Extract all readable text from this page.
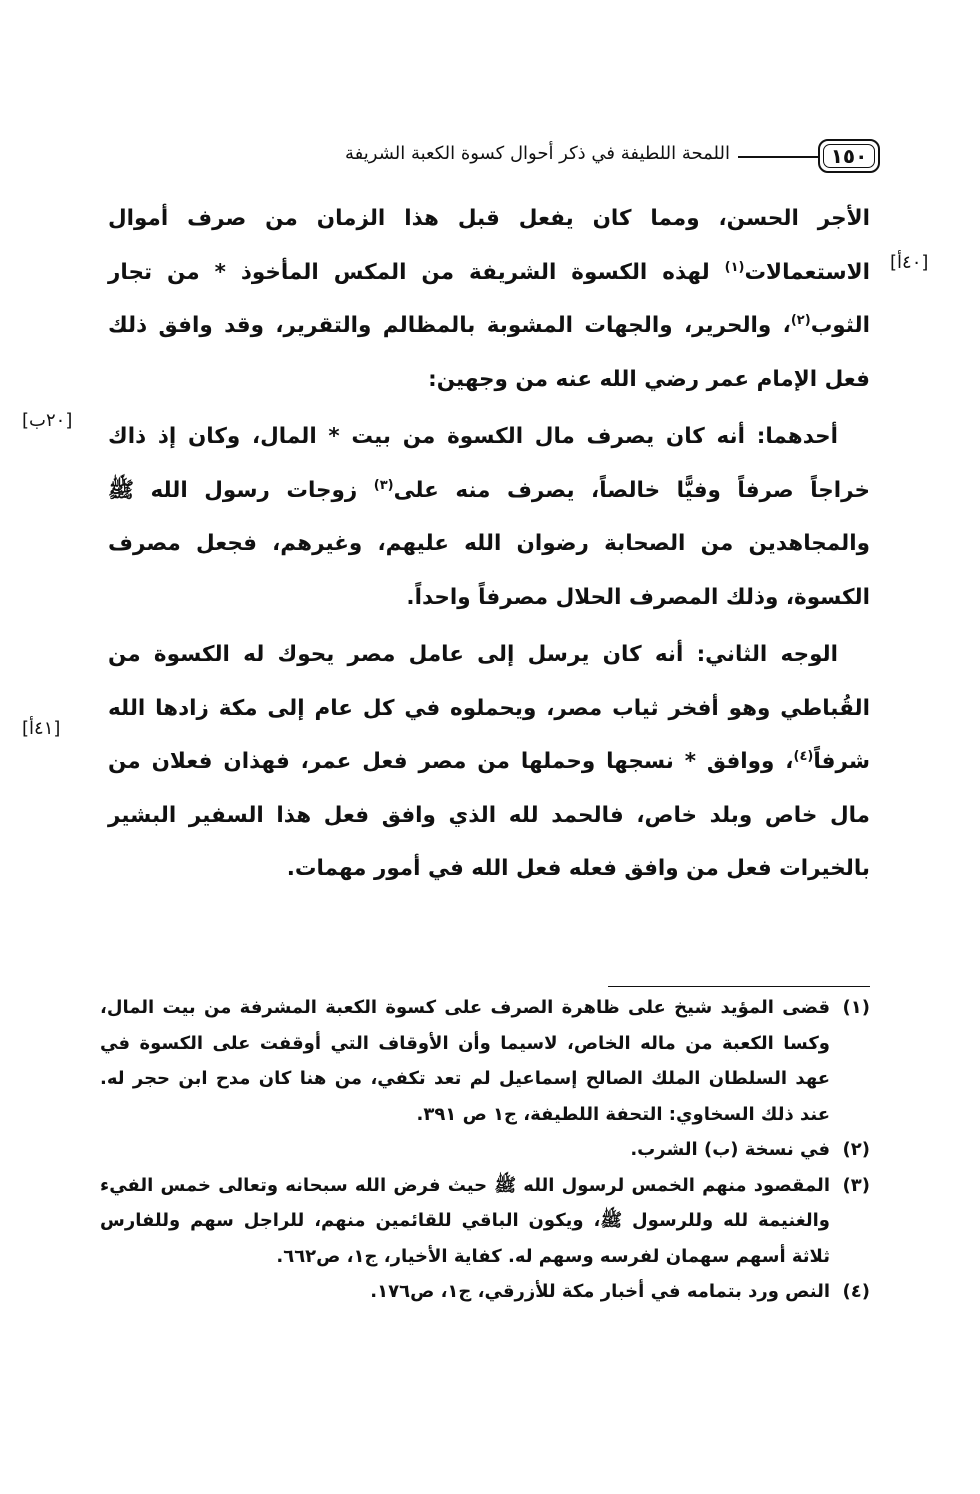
١٥٠
اللمحة اللطيفة في ذكر أحوال كسوة الكعبة الشريفة
[٤٠أ]
[٢٠ب]
[٤١أ]

الأجر الحسن، ومما كان يفعل قبل هذا الزمان من صرف أموال الاستعمالات$^{(١)}$ لهذه الكسوة الشريفة من المكس المأخوذ * من تجار الثوب$^{(٢)}$، والحرير، والجهات المشوبة بالمظالم والتقرير، وقد وافق ذلك فعل الإمام عمر رضي الله عنه من وجهين:

أحدهما: أنه كان يصرف مال الكسوة من بيت * المال، وكان إذ ذاك خراجاً صرفاً وفيًّا خالصاً، يصرف منه على$^{(٣)}$ زوجات رسول الله ﷺ والمجاهدين من الصحابة رضوان الله عليهم، وغيرهم، فجعل مصرف الكسوة، وذلك المصرف الحلال مصرفاً واحداً.

الوجه الثاني: أنه كان يرسل إلى عامل مصر يحوك له الكسوة من القُباطي وهو أفخر ثياب مصر، ويحملوه في كل عام إلى مكة زادها الله شرفاً$^{(٤)}$، ووافق * نسجها وحملها من مصر فعل عمر، فهذان فعلان من مال خاص وبلد خاص، فالحمد لله الذي وافق فعل هذا السفير البشير بالخيرات فعل من وافق فعله فعل الله في أمور مهمات.

(١)
قضى المؤيد شيخ على ظاهرة الصرف على كسوة الكعبة المشرفة من بيت المال، وكسا الكعبة من ماله الخاص، لاسيما وأن الأوقاف التي أوقفت على الكسوة في عهد السلطان الملك الصالح إسماعيل لم تعد تكفي، من هنا كان مدح ابن حجر له. عند ذلك السخاوي: التحفة اللطيفة، ج١ ص ٣٩١.

(٢)
في نسخة (ب) الشرب.

(٣)
المقصود منهم الخمس لرسول الله ﷺ حيث فرض الله سبحانه وتعالى خمس الفيء والغنيمة لله وللرسول ﷺ، ويكون الباقي للقائمين منهم، للراجل سهم وللفارس ثلاثة أسهم سهمان لفرسه وسهم له. كفاية الأخيار، ج١، ص٦٦٢.

(٤)
النص ورد بتمامه في أخبار مكة للأزرقي، ج١، ص١٧٦.
